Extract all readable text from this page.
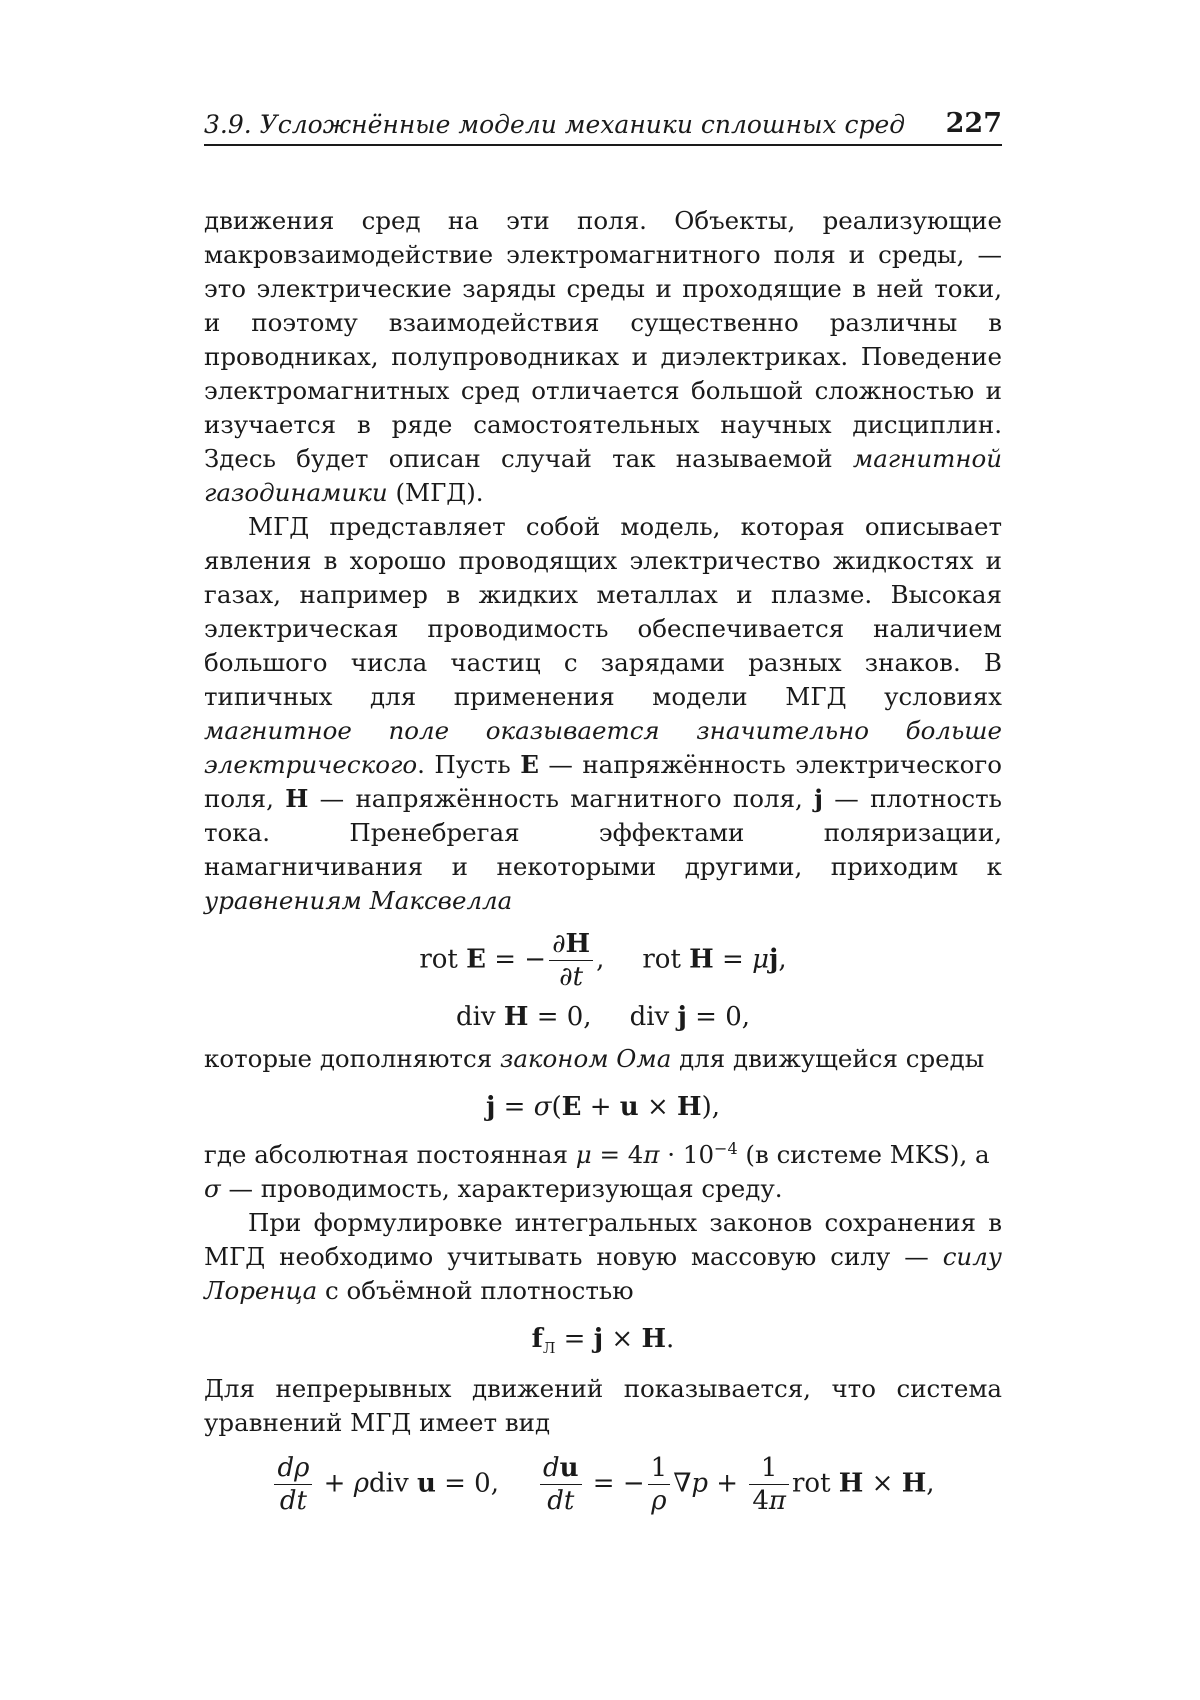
3.9. Усложнённые модели механики сплошных сред 227

движения сред на эти поля. Объекты, реализующие макровзаимодействие электромагнитного поля и среды, — это электрические заряды среды и проходящие в ней токи, и поэтому взаимодействия существенно различны в проводниках, полупроводниках и диэлектриках. Поведение электромагнитных сред отличается большой сложностью и изучается в ряде самостоятельных научных дисциплин. Здесь будет описан случай так называемой магнитной газодинамики (МГД).

МГД представляет собой модель, которая описывает явления в хорошо проводящих электричество жидкостях и газах, например в жидких металлах и плазме. Высокая электрическая проводимость обеспечивается наличием большого числа частиц с зарядами разных знаков. В типичных для применения модели МГД условиях магнитное поле оказывается значительно больше электрического. Пусть E — напряжённость электрического поля, H — напряжённость магнитного поля, j — плотность тока. Пренебрегая эффектами поляризации, намагничивания и некоторыми другими, приходим к уравнениям Максвелла

rot E = − $\frac{\partial H}{\partial t}$ , rot H = μj,
div H = 0, div j = 0,

которые дополняются законом Ома для движущейся среды

j = σ(E + u × H),

где абсолютная постоянная $\mu = 4\pi \cdot 10^{-4}$ (в системе MKS), а
σ — проводимость, характеризующая среду.

При формулировке интегральных законов сохранения в МГД необходимо учитывать новую массовую силу — силу Лоренца с объёмной плотностью

$f_Л = j \times H$.

Для непрерывных движений показывается, что система уравнений МГД имеет вид

$\frac{d\rho}{dt} + \rho div$ u = 0, $\frac{du}{dt}$ = − $\frac{1}{\rho} \nabla p + \frac{1}{4\pi}$ rot H × H,
